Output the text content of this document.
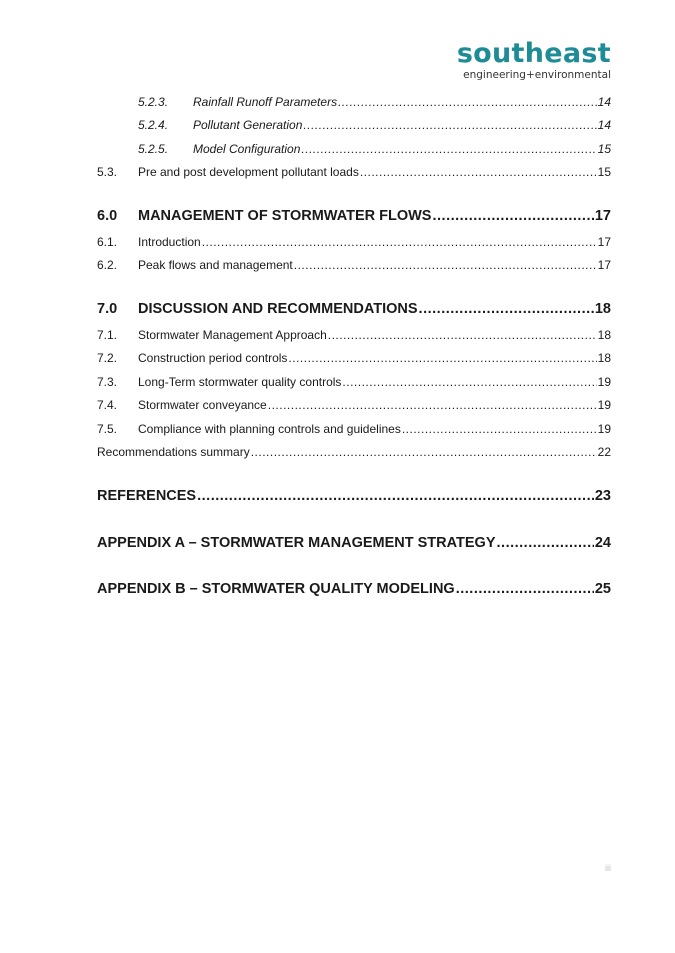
southeast
engineering+environmental
5.2.3.	Rainfall Runoff Parameters .....	14
5.2.4.	Pollutant Generation .....	14
5.2.5.	Model Configuration .....	15
5.3.	Pre and post development pollutant loads .....	15
6.0	MANAGEMENT OF STORMWATER FLOWS .....	17
6.1.	Introduction .....	17
6.2.	Peak flows and management .....	17
7.0	DISCUSSION AND RECOMMENDATIONS .....	18
7.1.	Stormwater Management Approach .....	18
7.2.	Construction period controls .....	18
7.3.	Long-Term stormwater quality controls .....	19
7.4.	Stormwater conveyance .....	19
7.5.	Compliance with planning controls and guidelines .....	19
Recommendations summary .....	22
REFERENCES .....	23
APPENDIX A – STORMWATER MANAGEMENT STRATEGY .....	24
APPENDIX B – STORMWATER QUALITY MODELING .....	25
iii
